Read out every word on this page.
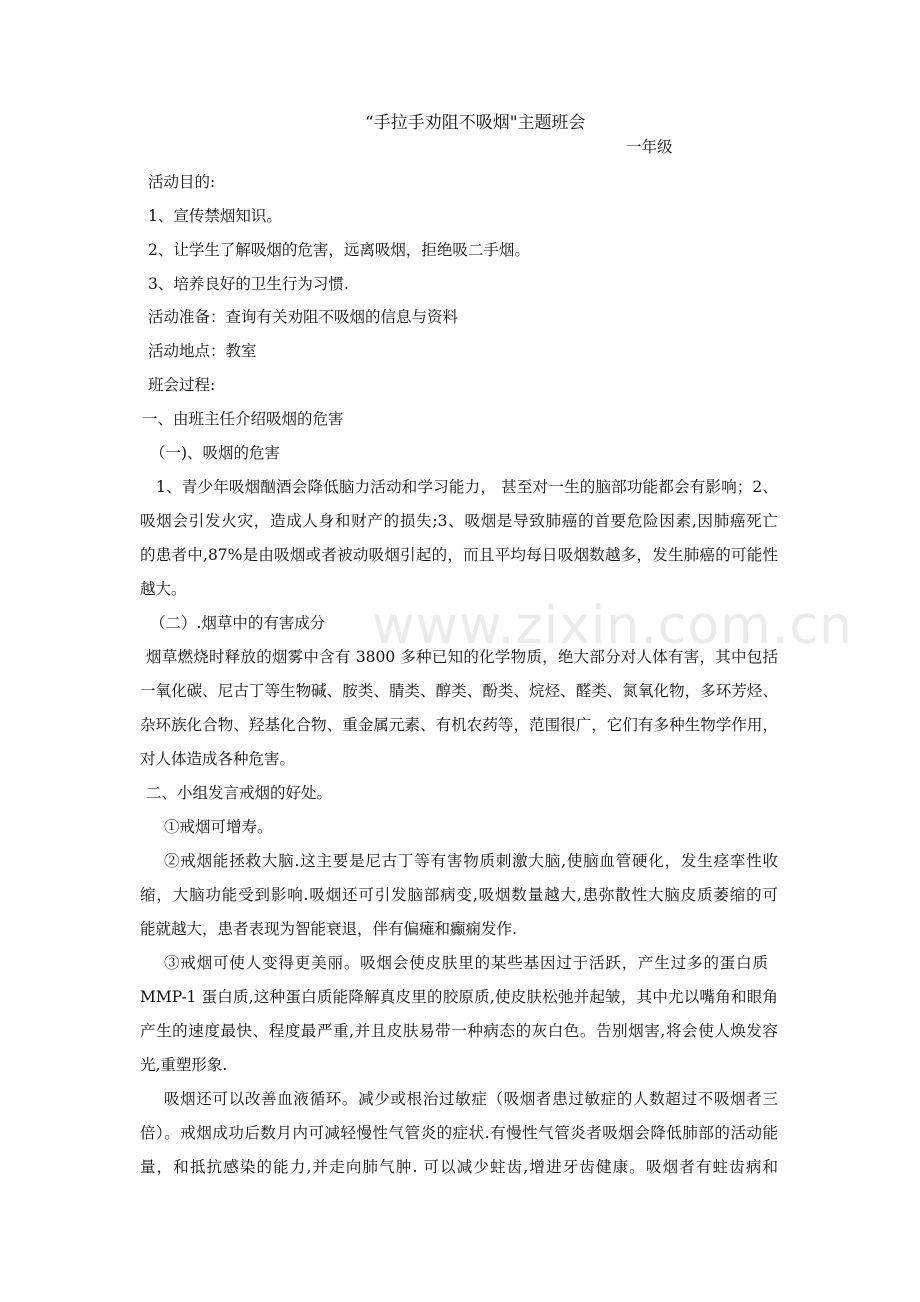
www.zixin.com.cn
“手拉手劝阻不吸烟"主题班会
一年级
活动目的:
1、宣传禁烟知识。
2、让学生了解吸烟的危害，远离吸烟，拒绝吸二手烟。
3、培养良好的卫生行为习惯.
活动准备：查询有关劝阻不吸烟的信息与资料
活动地点：教室
班会过程:
一、由班主任介绍吸烟的危害
（一)、吸烟的危害
1、青少年吸烟酗酒会降低脑力活动和学习能力， 甚至对一生的脑部功能都会有影响；2、
吸烟会引发火灾，造成人身和财产的损失;3、吸烟是导致肺癌的首要危险因素,因肺癌死亡
的患者中,87%是由吸烟或者被动吸烟引起的，而且平均每日吸烟数越多，发生肺癌的可能性
越大。
（二）.烟草中的有害成分
烟草燃烧时释放的烟雾中含有 3800 多种已知的化学物质，绝大部分对人体有害，其中包括
一氧化碳、尼古丁等生物碱、胺类、腈类、醇类、酚类、烷烃、醛类、氮氧化物，多环芳烃、
杂环族化合物、羟基化合物、重金属元素、有机农药等，范围很广，它们有多种生物学作用，
对人体造成各种危害。
二、小组发言戒烟的好处。
①戒烟可增寿。
②戒烟能拯救大脑.这主要是尼古丁等有害物质刺激大脑,使脑血管硬化，发生痉挛性收
缩，大脑功能受到影响.吸烟还可引发脑部病变,吸烟数量越大,患弥散性大脑皮质萎缩的可
能就越大，患者表现为智能衰退，伴有偏瘫和癫痫发作.
③戒烟可使人变得更美丽。吸烟会使皮肤里的某些基因过于活跃，产生过多的蛋白质
MMP-1 蛋白质,这种蛋白质能降解真皮里的胶原质,使皮肤松弛并起皱，其中尤以嘴角和眼角
产生的速度最快、程度最严重,并且皮肤易带一种病态的灰白色。告别烟害,将会使人焕发容
光,重塑形象.
吸烟还可以改善血液循环。减少或根治过敏症（吸烟者患过敏症的人数超过不吸烟者三
倍）。戒烟成功后数月内可减轻慢性气管炎的症状.有慢性气管炎者吸烟会降低肺部的活动能
量，和抵抗感染的能力,并走向肺气肿. 可以减少蛀齿,增进牙齿健康。吸烟者有蛀齿病和
